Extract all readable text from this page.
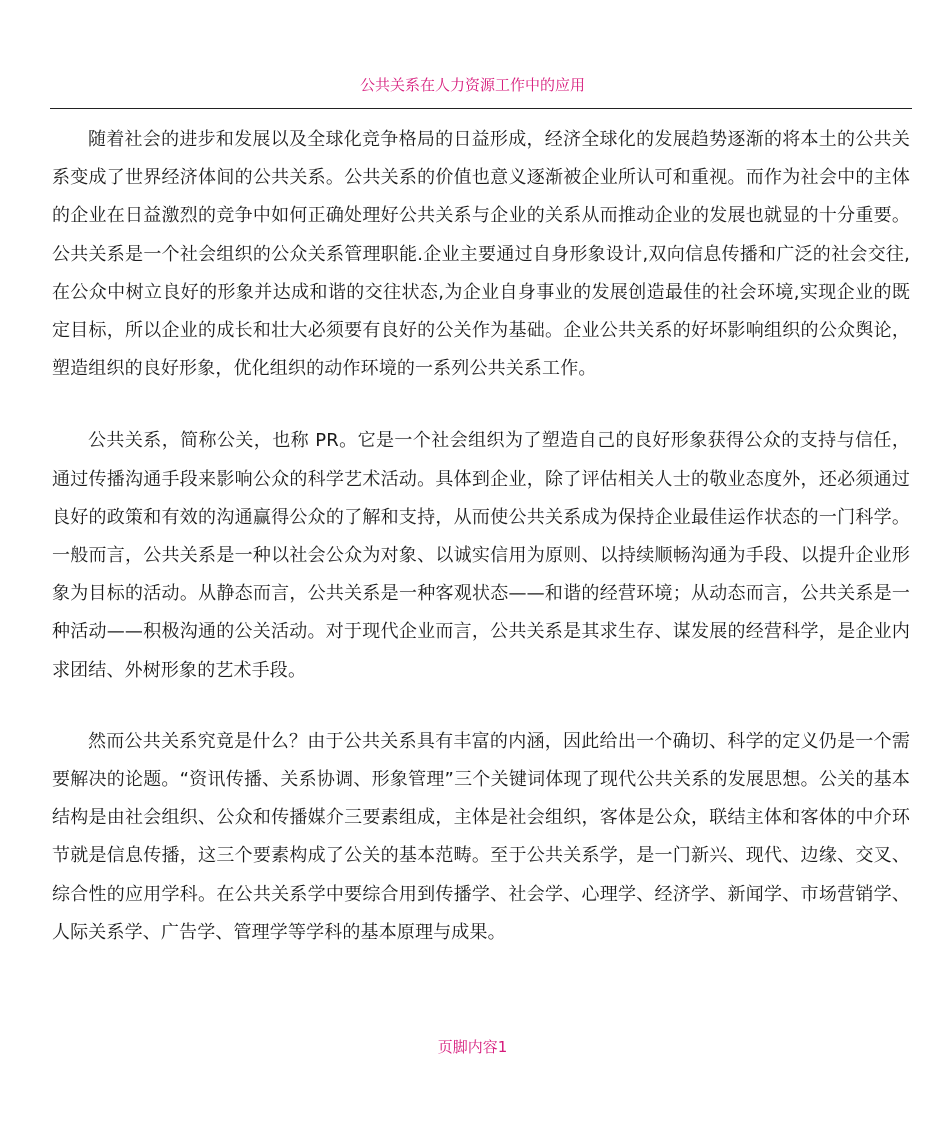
公共关系在人力资源工作中的应用

随着社会的进步和发展以及全球化竞争格局的日益形成，经济全球化的发展趋势逐渐的将本土的公共关系变成了世界经济体间的公共关系。公共关系的价值也意义逐渐被企业所认可和重视。而作为社会中的主体的企业在日益激烈的竞争中如何正确处理好公共关系与企业的关系从而推动企业的发展也就显的十分重要。公共关系是一个社会组织的公众关系管理职能.企业主要通过自身形象设计,双向信息传播和广泛的社会交往,在公众中树立良好的形象并达成和谐的交往状态,为企业自身事业的发展创造最佳的社会环境,实现企业的既定目标，所以企业的成长和壮大必须要有良好的公关作为基础。企业公共关系的好坏影响组织的公众舆论，塑造组织的良好形象，优化组织的动作环境的一系列公共关系工作。

公共关系，简称公关，也称 PR。它是一个社会组织为了塑造自己的良好形象获得公众的支持与信任，通过传播沟通手段来影响公众的科学艺术活动。具体到企业，除了评估相关人士的敬业态度外，还必须通过良好的政策和有效的沟通赢得公众的了解和支持，从而使公共关系成为保持企业最佳运作状态的一门科学。一般而言，公共关系是一种以社会公众为对象、以诚实信用为原则、以持续顺畅沟通为手段、以提升企业形象为目标的活动。从静态而言，公共关系是一种客观状态——和谐的经营环境；从动态而言，公共关系是一种活动——积极沟通的公关活动。对于现代企业而言，公共关系是其求生存、谋发展的经营科学，是企业内求团结、外树形象的艺术手段。

然而公共关系究竟是什么？由于公共关系具有丰富的内涵，因此给出一个确切、科学的定义仍是一个需要解决的论题。“资讯传播、关系协调、形象管理”三个关键词体现了现代公共关系的发展思想。公关的基本结构是由社会组织、公众和传播媒介三要素组成，主体是社会组织，客体是公众，联结主体和客体的中介环节就是信息传播，这三个要素构成了公关的基本范畴。至于公共关系学，是一门新兴、现代、边缘、交叉、综合性的应用学科。在公共关系学中要综合用到传播学、社会学、心理学、经济学、新闻学、市场营销学、人际关系学、广告学、管理学等学科的基本原理与成果。

页脚内容1
